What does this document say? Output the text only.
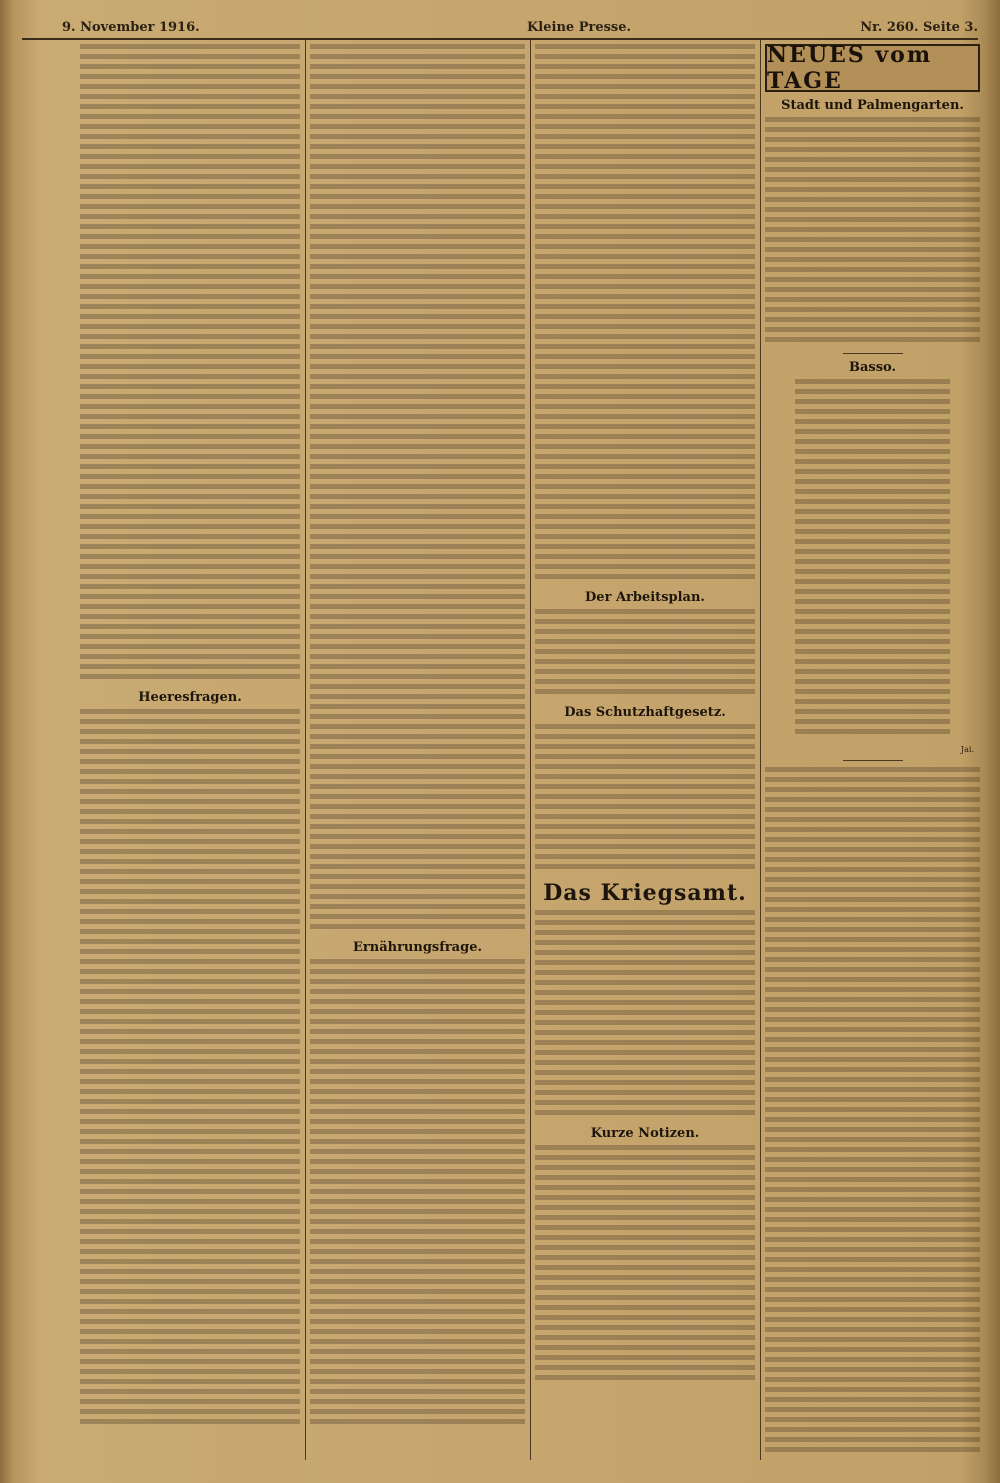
9. November 1916.	Kleine Presse.	Nr. 260. Seite 3.
Heeresfragen.
Ernährungsfrage.
Der Arbeitsplan.
Das Schutzhaftgesetz.
Das Kriegsamt.
Kurze Notizen.
NEUES vom TAGE
Stadt und Palmengarten.
Basso.
Jai.
